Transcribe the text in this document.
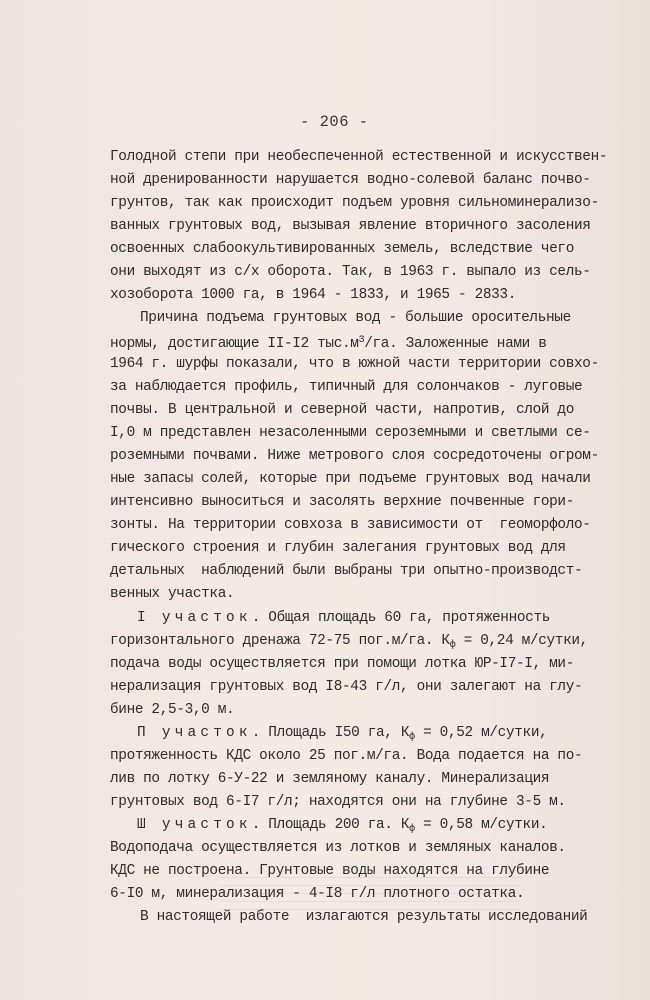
- 206 -
Голодной степи при необеспеченной естественной и искусствен-
ной дренированности нарушается водно-солевой баланс почво-
грунтов, так как происходит подъем уровня сильноминерализо-
ванных грунтовых вод, вызывая явление вторичного засоления
освоенных слабоокультивированных земель, вследствие чего
они выходят из с/х оборота. Так, в 1963 г. выпало из сель-
хозоборота 1000 га, в 1964 - 1833, и 1965 - 2833.
Причина подъема грунтовых вод - большие оросительные
нормы, достигающие II-I2 $тыс.м^3/га$. Заложенные нами в
1964 г. шурфы показали, что в южной части территории совхо-
за наблюдается профиль, типичный для солончаков - луговые
почвы. В центральной и северной части, напротив, слой до
I,0 м представлен незасоленными сероземными и светлыми се-
роземными почвами. Ниже метрового слоя сосредоточены огром-
ные запасы солей, которые при подъеме грунтовых вод начали
интенсивно выноситься и засолять верхние почвенные гори-
зонты. На территории совхоза в зависимости от  геоморфоло-
гического строения и глубин залегания грунтовых вод для
детальных  наблюдений были выбраны три опытно-производст-
венных участка.
I участок. Общая площадь 60 га, протяженность
горизонтального дренажа 72-75 пог.м/га. $К_ф = 0,24$ м/сутки,
подача воды осуществляется при помощи лотка ЮР-I7-I, ми-
нерализация грунтовых вод I8-43 г/л, они залегают на глу-
бине 2,5-3,0 м.
П участок. Площадь I50 га, $К_ф = 0,52$ м/сутки,
протяженность КДС около 25 пог.м/га. Вода подается на по-
лив по лотку 6-У-22 и земляному каналу. Минерализация
грунтовых вод 6-I7 г/л; находятся они на глубине 3-5 м.
Ш участок. Площадь 200 га. $К_ф = 0,58$ м/сутки.
Водоподача осуществляется из лотков и земляных каналов.
КДС не построена. Грунтовые воды находятся на глубине
6-I0 м, минерализация - 4-I8 г/л плотного остатка.
В настоящей работе  излагаются результаты исследований
